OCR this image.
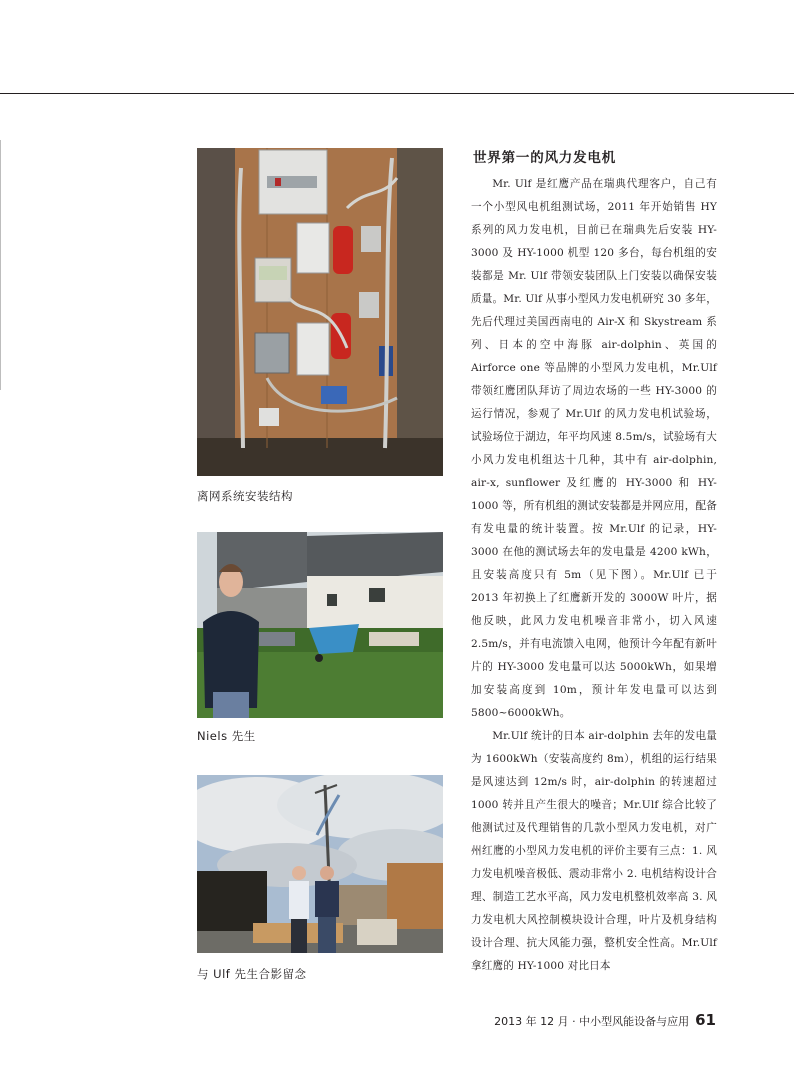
离网系统安装结构
Niels 先生
与 Ulf 先生合影留念
世界第一的风力发电机

Mr. Ulf 是红鹰产品在瑞典代理客户，自己有一个小型风电机组测试场，2011 年开始销售 HY 系列的风力发电机，目前已在瑞典先后安装 HY-3000 及 HY-1000 机型 120 多台，每台机组的安装都是 Mr. Ulf 带领安装团队上门安装以确保安装质量。Mr. Ulf 从事小型风力发电机研究 30 多年，先后代理过美国西南电的 Air-X 和 Skystream 系列、日本的空中海豚 air-dolphin、英国的 Airforce one 等品牌的小型风力发电机，Mr.Ulf 带领红鹰团队拜访了周边农场的一些 HY-3000 的运行情况，参观了 Mr.Ulf 的风力发电机试验场，试验场位于湖边，年平均风速 8.5m/s，试验场有大小风力发电机组达十几种，其中有 air-dolphin, air-x, sunflower 及红鹰的 HY-3000 和 HY-1000 等，所有机组的测试安装都是并网应用，配备有发电量的统计装置。按 Mr.Ulf 的记录，HY-3000 在他的测试场去年的发电量是 4200 kWh，且安装高度只有 5m（见下图）。Mr.Ulf 已于 2013 年初换上了红鹰新开发的 3000W 叶片，据他反映，此风力发电机噪音非常小，切入风速 2.5m/s，并有电流馈入电网，他预计今年配有新叶片的 HY-3000 发电量可以达 5000kWh，如果增加安装高度到 10m，预计年发电量可以达到 5800~6000kWh。

Mr.Ulf 统计的日本 air-dolphin 去年的发电量为 1600kWh（安装高度约 8m），机组的运行结果是风速达到 12m/s 时，air-dolphin 的转速超过 1000 转并且产生很大的噪音；Mr.Ulf 综合比较了他测试过及代理销售的几款小型风力发电机，对广州红鹰的小型风力发电机的评价主要有三点：1. 风力发电机噪音极低、震动非常小 2. 电机结构设计合理、制造工艺水平高，风力发电机整机效率高 3. 风力发电机大风控制模块设计合理，叶片及机身结构设计合理、抗大风能力强，整机安全性高。Mr.Ulf 拿红鹰的 HY-1000 对比日本

2013 年 12 月 · 中小型风能设备与应用 61
